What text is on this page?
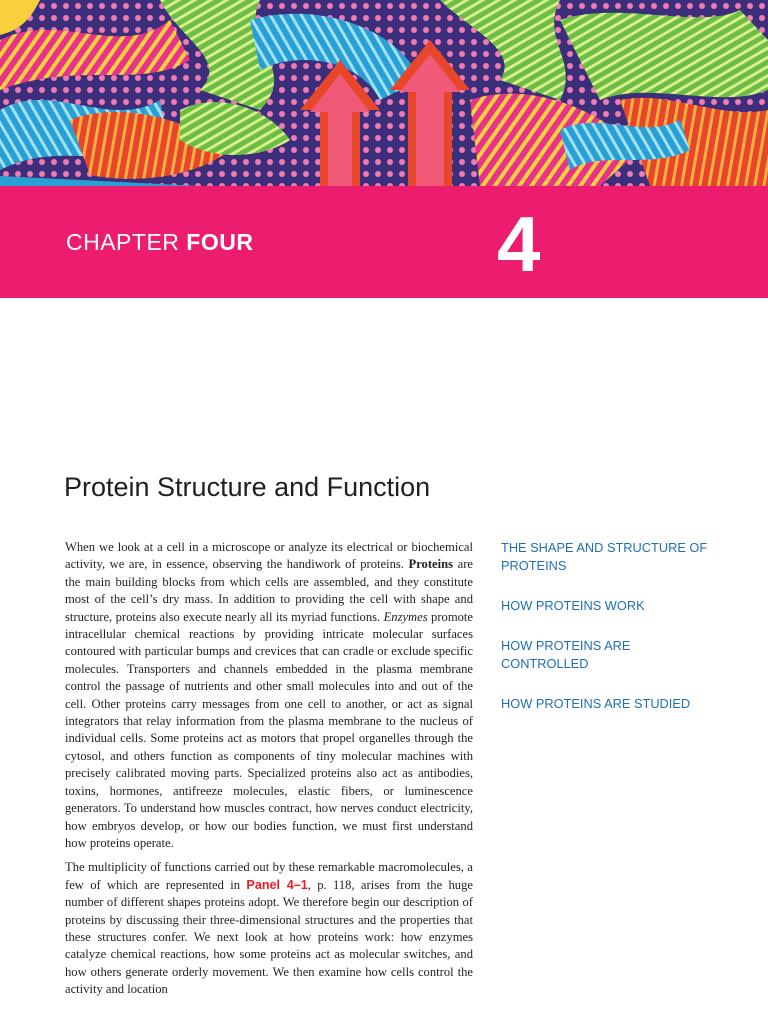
CHAPTER FOUR	4
Protein Structure and Function

When we look at a cell in a microscope or analyze its electrical or biochemical activity, we are, in essence, observing the handiwork of proteins. Proteins are the main building blocks from which cells are assembled, and they constitute most of the cell’s dry mass. In addition to providing the cell with shape and structure, proteins also execute nearly all its myriad functions. Enzymes promote intracellular chemical reactions by providing intricate molecular surfaces contoured with particular bumps and crevices that can cradle or exclude specific molecules. Transporters and channels embedded in the plasma membrane control the passage of nutrients and other small molecules into and out of the cell. Other proteins carry messages from one cell to another, or act as signal integrators that relay information from the plasma membrane to the nucleus of individual cells. Some proteins act as motors that propel organelles through the cytosol, and others function as components of tiny molecular machines with precisely calibrated moving parts. Specialized proteins also act as antibodies, toxins, hormones, antifreeze molecules, elastic fibers, or luminescence generators. To understand how muscles contract, how nerves conduct electricity, how embryos develop, or how our bodies function, we must first understand how proteins operate.

The multiplicity of functions carried out by these remarkable macromolecules, a few of which are represented in Panel 4–1, p. 118, arises from the huge number of different shapes proteins adopt. We therefore begin our description of proteins by discussing their three-dimensional structures and the properties that these structures confer. We next look at how proteins work: how enzymes catalyze chemical reactions, how some proteins act as molecular switches, and how others generate orderly movement. We then examine how cells control the activity and location

THE SHAPE AND STRUCTURE OF PROTEINS
HOW PROTEINS WORK
HOW PROTEINS ARE CONTROLLED
HOW PROTEINS ARE STUDIED
